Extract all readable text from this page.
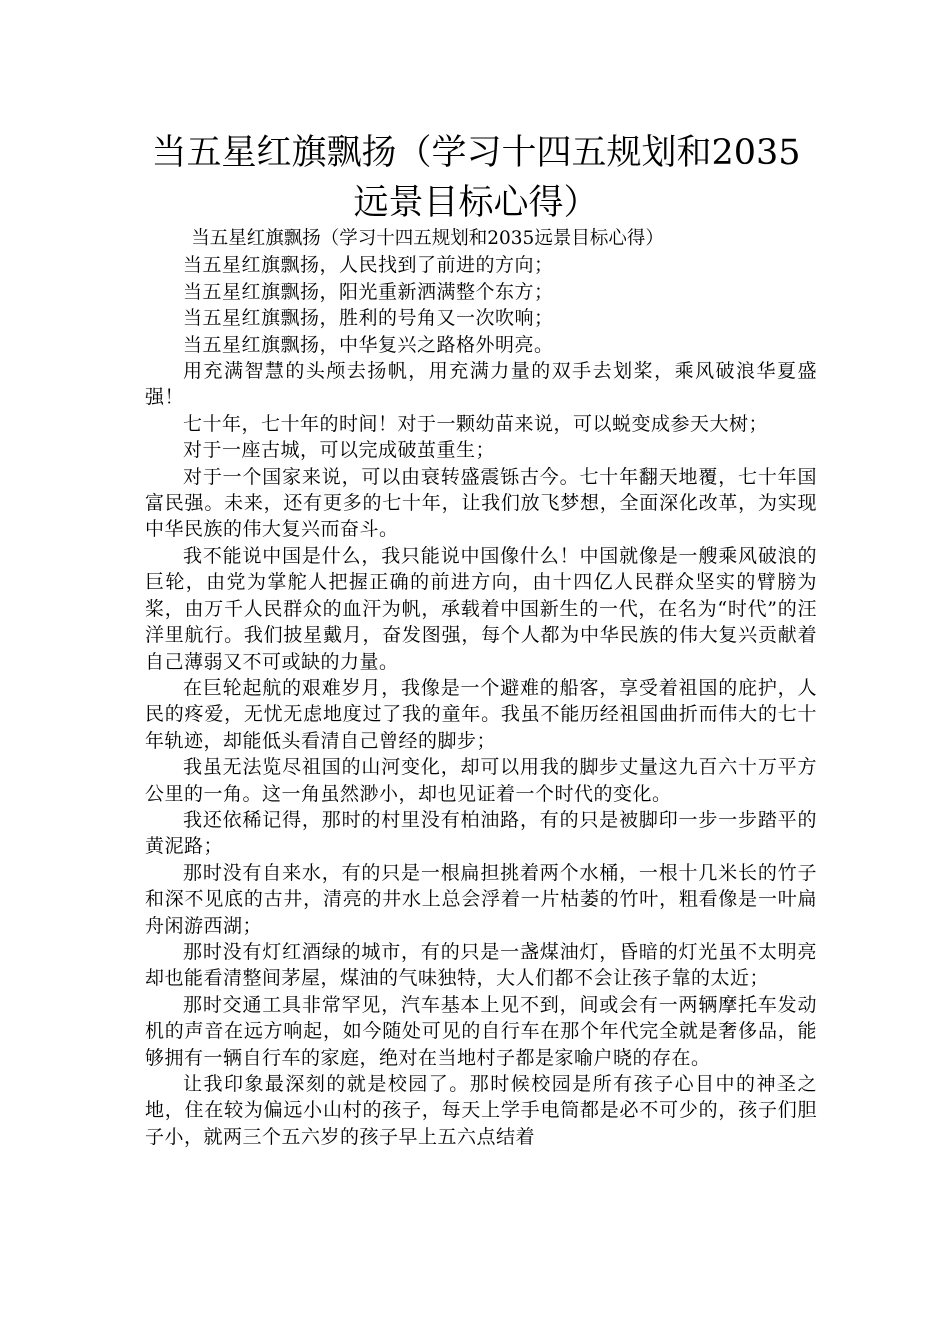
当五星红旗飘扬（学习十四五规划和2035远景目标心得）

当五星红旗飘扬（学习十四五规划和2035远景目标心得）

当五星红旗飘扬，人民找到了前进的方向；

当五星红旗飘扬，阳光重新洒满整个东方；

当五星红旗飘扬，胜利的号角又一次吹响；

当五星红旗飘扬，中华复兴之路格外明亮。

用充满智慧的头颅去扬帆，用充满力量的双手去划桨，乘风破浪华夏盛强！

七十年，七十年的时间！对于一颗幼苗来说，可以蜕变成参天大树；

对于一座古城，可以完成破茧重生；

对于一个国家来说，可以由衰转盛震铄古今。七十年翻天地覆，七十年国富民强。未来，还有更多的七十年，让我们放飞梦想，全面深化改革，为实现中华民族的伟大复兴而奋斗。

我不能说中国是什么，我只能说中国像什么！中国就像是一艘乘风破浪的巨轮，由党为掌舵人把握正确的前进方向，由十四亿人民群众坚实的臂膀为桨，由万千人民群众的血汗为帆，承载着中国新生的一代，在名为“时代”的汪洋里航行。我们披星戴月，奋发图强，每个人都为中华民族的伟大复兴贡献着自己薄弱又不可或缺的力量。

在巨轮起航的艰难岁月，我像是一个避难的船客，享受着祖国的庇护，人民的疼爱，无忧无虑地度过了我的童年。我虽不能历经祖国曲折而伟大的七十年轨迹，却能低头看清自己曾经的脚步；

我虽无法览尽祖国的山河变化，却可以用我的脚步丈量这九百六十万平方公里的一角。这一角虽然渺小，却也见证着一个时代的变化。

我还依稀记得，那时的村里没有柏油路，有的只是被脚印一步一步踏平的黄泥路；

那时没有自来水，有的只是一根扁担挑着两个水桶，一根十几米长的竹子和深不见底的古井，清亮的井水上总会浮着一片枯萎的竹叶，粗看像是一叶扁舟闲游西湖；

那时没有灯红酒绿的城市，有的只是一盏煤油灯，昏暗的灯光虽不太明亮却也能看清整间茅屋，煤油的气味独特，大人们都不会让孩子靠的太近；

那时交通工具非常罕见，汽车基本上见不到，间或会有一两辆摩托车发动机的声音在远方响起，如今随处可见的自行车在那个年代完全就是奢侈品，能够拥有一辆自行车的家庭，绝对在当地村子都是家喻户晓的存在。

让我印象最深刻的就是校园了。那时候校园是所有孩子心目中的神圣之地，住在较为偏远小山村的孩子，每天上学手电筒都是必不可少的，孩子们胆子小，就两三个五六岁的孩子早上五六点结着
